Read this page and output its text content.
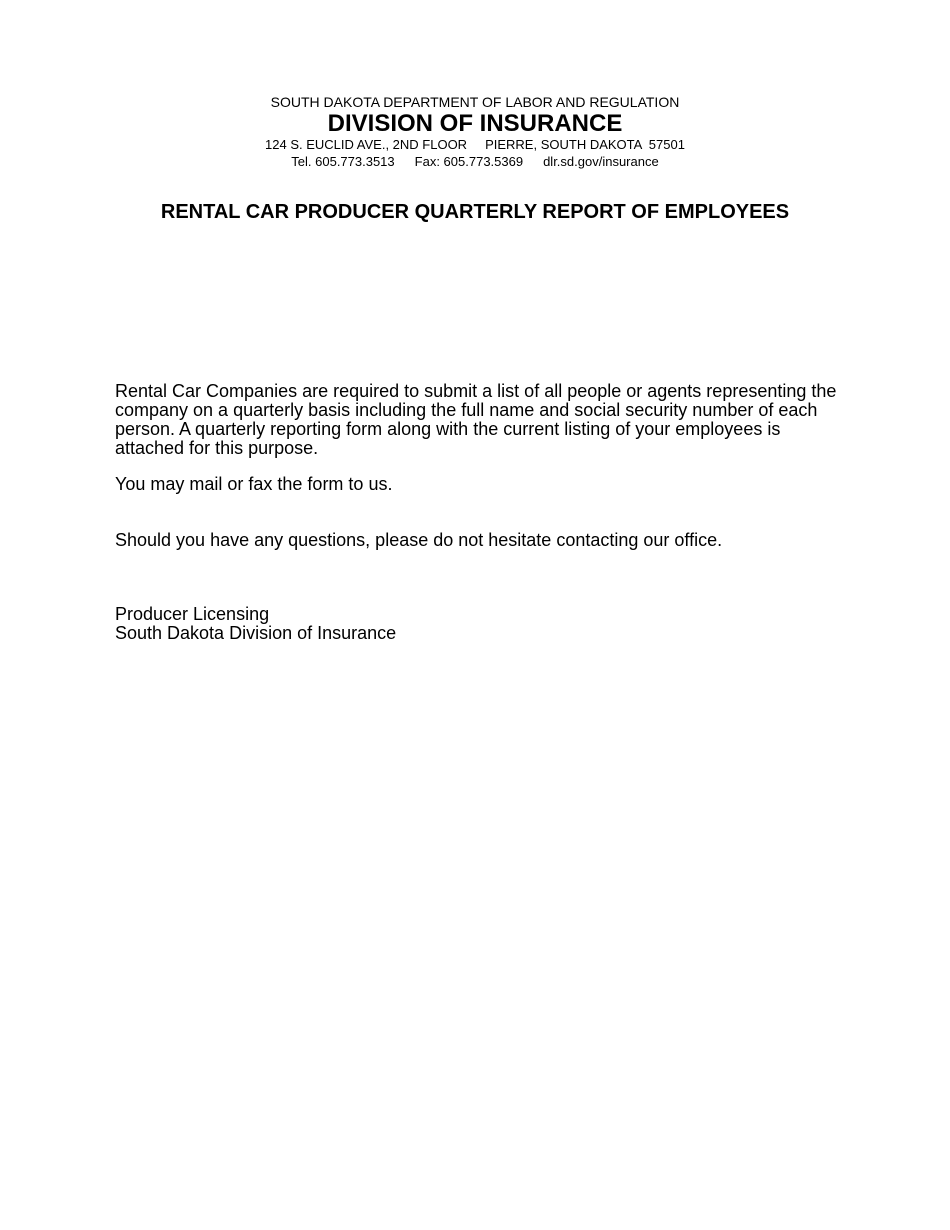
SOUTH DAKOTA DEPARTMENT OF LABOR AND REGULATION
DIVISION OF INSURANCE
124 S. EUCLID AVE., 2ND FLOOR PIERRE, SOUTH DAKOTA  57501
Tel. 605.773.3513 Fax: 605.773.5369 dlr.sd.gov/insurance
RENTAL CAR PRODUCER QUARTERLY REPORT OF EMPLOYEES
Rental Car Companies are required to submit a list of all people or agents representing the company on a quarterly basis including the full name and social security number of each person. A quarterly reporting form along with the current listing of your employees is attached for this purpose.
You may mail or fax the form to us.
Should you have any questions, please do not hesitate contacting our office.
Producer Licensing
South Dakota Division of Insurance
